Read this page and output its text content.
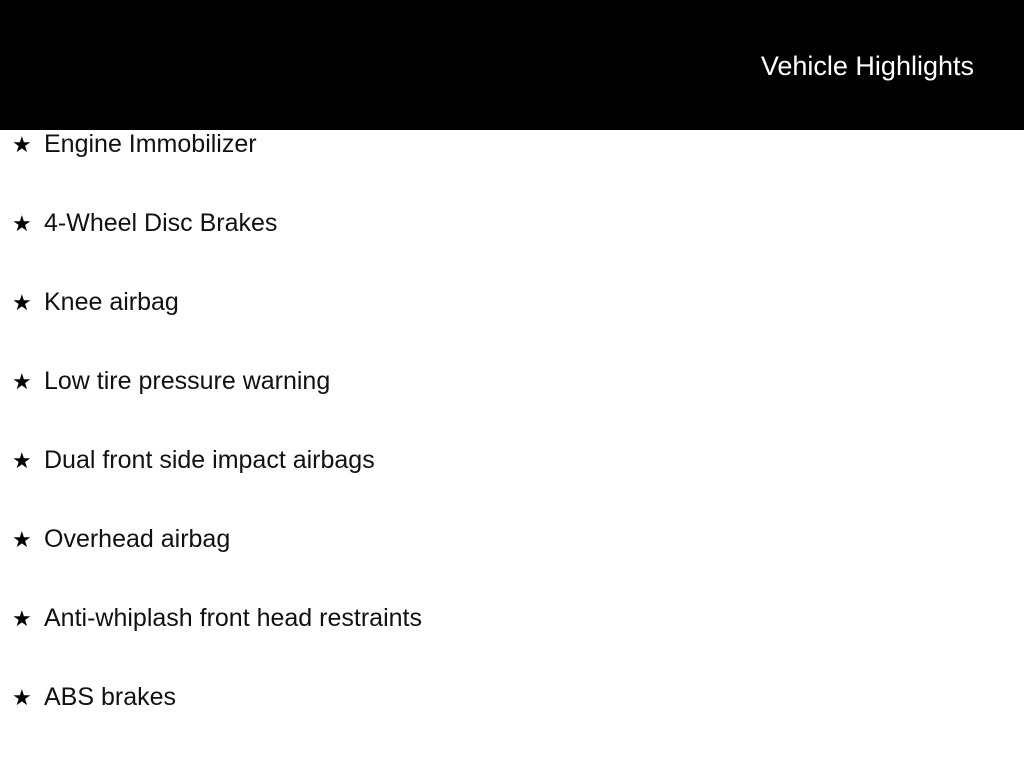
Vehicle Highlights
★ Engine Immobilizer
★ 4-Wheel Disc Brakes
★ Knee airbag
★ Low tire pressure warning
★ Dual front side impact airbags
★ Overhead airbag
★ Anti-whiplash front head restraints
★ ABS brakes
